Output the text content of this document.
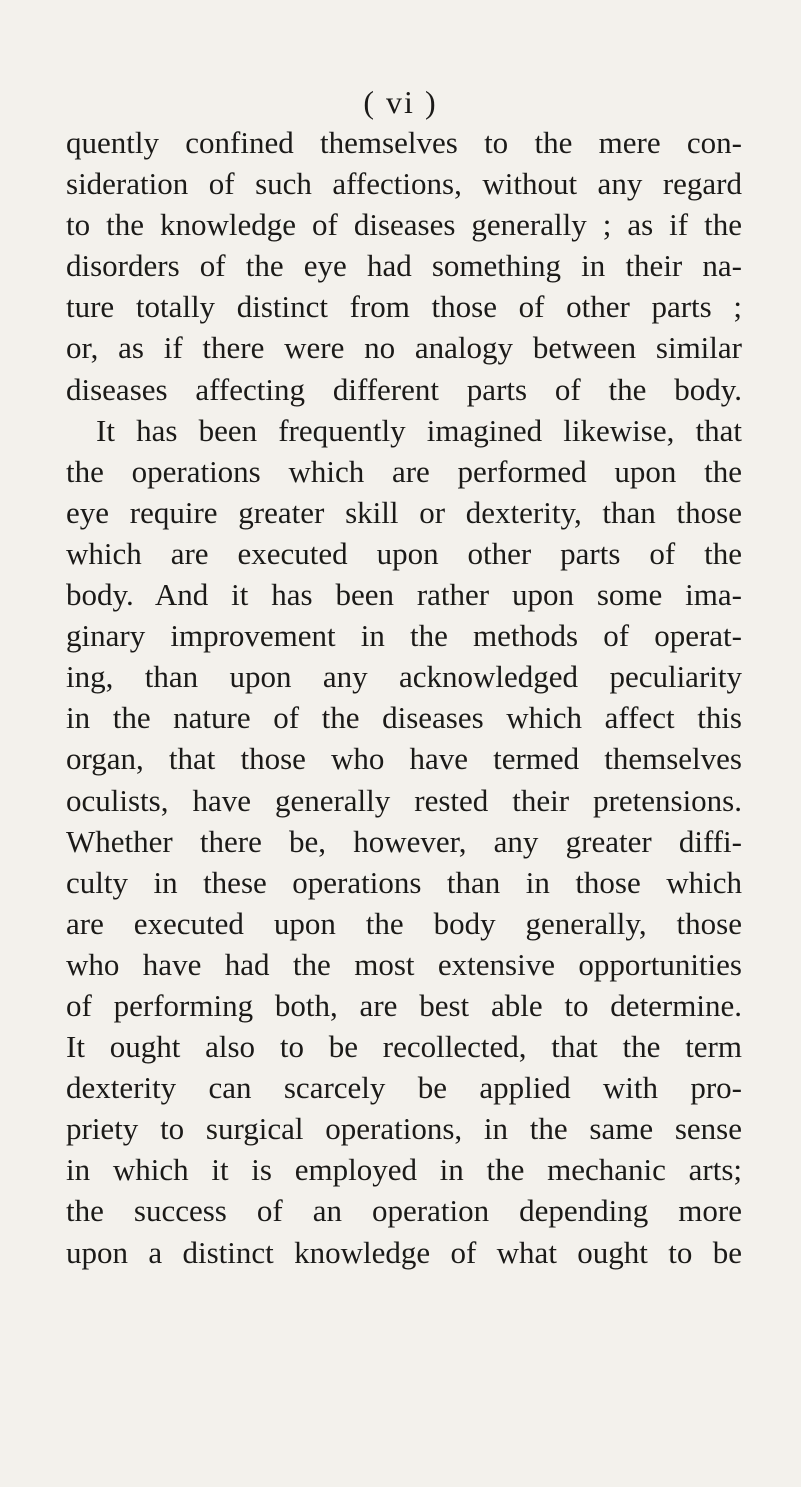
( vi )
quently confined themselves to the mere con-
sideration of such affections, without any regard
to the knowledge of diseases generally ; as if the
disorders of the eye had something in their na-
ture totally distinct from those of other parts ;
or, as if there were no analogy between similar
diseases affecting different parts of the body.
It has been frequently imagined likewise, that
the operations which are performed upon the
eye require greater skill or dexterity, than those
which are executed upon other parts of the
body. And it has been rather upon some ima-
ginary improvement in the methods of operat-
ing, than upon any acknowledged peculiarity
in the nature of the diseases which affect this
organ, that those who have termed themselves
oculists, have generally rested their pretensions.
Whether there be, however, any greater diffi-
culty in these operations than in those which
are executed upon the body generally, those
who have had the most extensive opportunities
of performing both, are best able to determine.
It ought also to be recollected, that the term
dexterity can scarcely be applied with pro-
priety to surgical operations, in the same sense
in which it is employed in the mechanic arts;
the success of an operation depending more
upon a distinct knowledge of what ought to be
